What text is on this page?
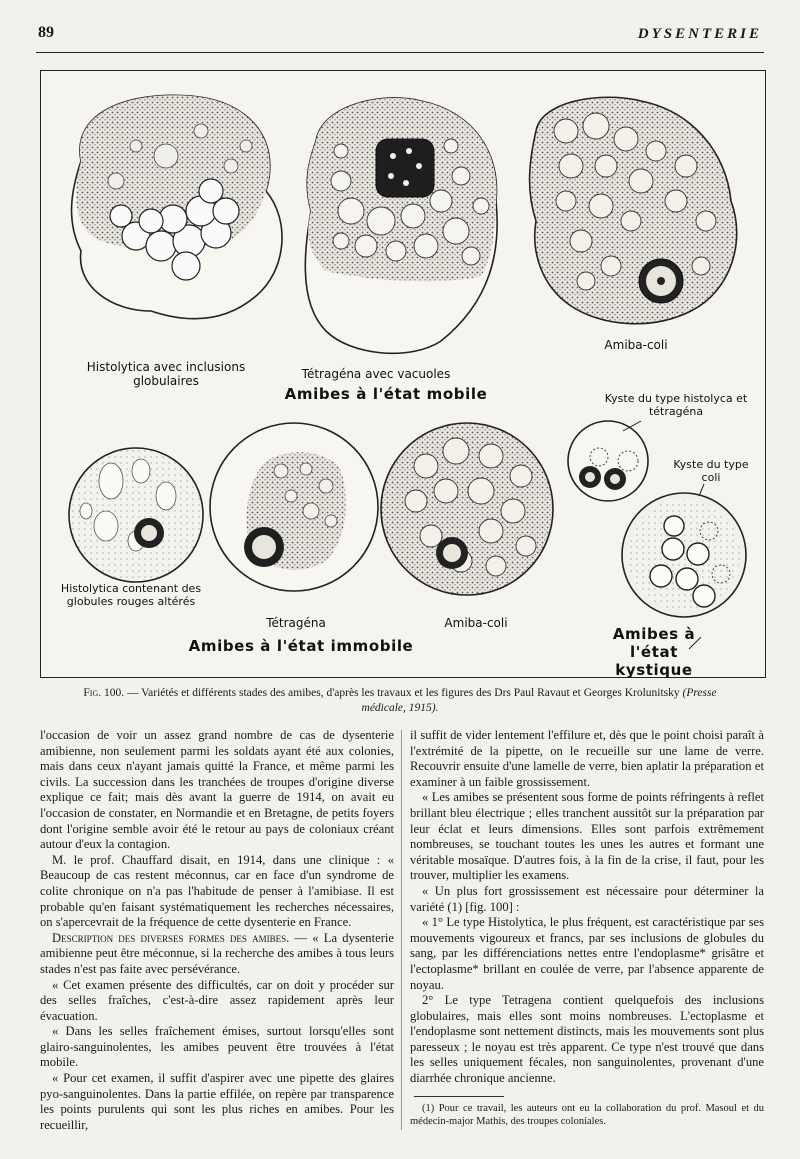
89	DYSENTERIE
Histolytica avec inclusions globulaires	Tétragéna avec vacuoles
Amiba-coli
Amibes à l'état mobile	Kyste du type histolyca et tétragéna
Kyste du type coli
Histolytica contenant des globules rouges altérés
Tétragéna	Amiba-coli
Amibes à l'état immobile
Amibes à l'état kystique
Fig. 100. — Variétés et différents stades des amibes, d'après les travaux et les figures des Drs Paul Ravaut et Georges Krolunitsky (Presse médicale, 1915).

l'occasion de voir un assez grand nombre de cas de dysenterie amibienne, non seulement parmi les soldats ayant été aux colonies, mais dans ceux n'ayant jamais quitté la France, et même parmi les civils. La succession dans les tranchées de troupes d'origine diverse explique ce fait; mais dès avant la guerre de 1914, on avait eu l'occasion de constater, en Normandie et en Bretagne, de petits foyers dont l'origine semble avoir été le retour au pays de coloniaux créant autour d'eux la contagion.

M. le prof. Chauffard disait, en 1914, dans une clinique : « Beaucoup de cas restent méconnus, car en face d'un syndrome de colite chronique on n'a pas l'habitude de penser à l'amibiase. Il est probable qu'en faisant systématiquement les recherches nécessaires, on s'apercevrait de la fréquence de cette dysenterie en France.

Description des diverses formes des amibes. — « La dysenterie amibienne peut être méconnue, si la recherche des amibes à tous leurs stades n'est pas faite avec persévérance.

« Cet examen présente des difficultés, car on doit y procéder sur des selles fraîches, c'est-à-dire assez rapidement après leur évacuation.

« Dans les selles fraîchement émises, surtout lorsqu'elles sont glairo-sanguinolentes, les amibes peuvent être trouvées à l'état mobile.

« Pour cet examen, il suffit d'aspirer avec une pipette des glaires pyo-sanguinolentes. Dans la partie effilée, on repère par transparence les points purulents qui sont les plus riches en amibes. Pour les recueillir,

il suffit de vider lentement l'effilure et, dès que le point choisi paraît à l'extrémité de la pipette, on le recueille sur une lame de verre. Recouvrir ensuite d'une lamelle de verre, bien aplatir la préparation et examiner à un faible grossissement.

« Les amibes se présentent sous forme de points réfringents à reflet brillant bleu électrique ; elles tranchent aussitôt sur la préparation par leur éclat et leurs dimensions. Elles sont parfois extrêmement nombreuses, se touchant toutes les unes les autres et formant une véritable mosaïque. D'autres fois, à la fin de la crise, il faut, pour les trouver, multiplier les examens.

« Un plus fort grossissement est nécessaire pour déterminer la variété (1) [fig. 100] :

« 1° Le type Histolytica, le plus fréquent, est caractéristique par ses mouvements vigoureux et francs, par ses inclusions de globules du sang, par les différenciations nettes entre l'endoplasme* grisâtre et l'ectoplasme* brillant en coulée de verre, par l'absence apparente de noyau.

2° Le type Tetragena contient quelquefois des inclusions globulaires, mais elles sont moins nombreuses. L'ectoplasme et l'endoplasme sont nettement distincts, mais les mouvements sont plus paresseux ; le noyau est très apparent. Ce type n'est trouvé que dans les selles uniquement fécales, non sanguinolentes, provenant d'une diarrhée chronique ancienne.

(1) Pour ce travail, les auteurs ont eu la collaboration du prof. Masoul et du médecin-major Mathis, des troupes coloniales.
